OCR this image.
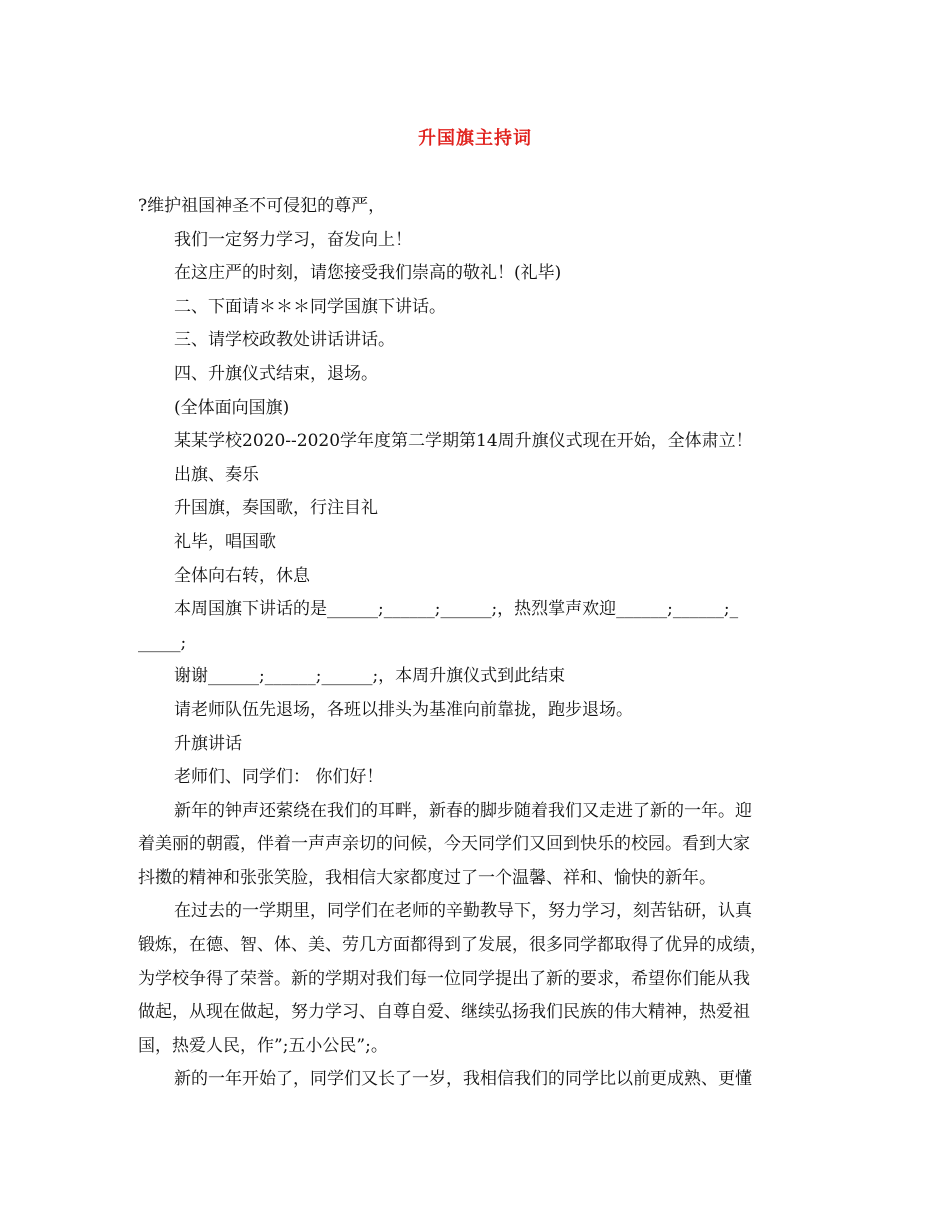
升国旗主持词
?维护祖国神圣不可侵犯的尊严，
我们一定努力学习，奋发向上！
在这庄严的时刻，请您接受我们崇高的敬礼！(礼毕)
二、下面请＊＊＊同学国旗下讲话。
三、请学校政教处讲话讲话。
四、升旗仪式结束，退场。
(全体面向国旗)
某某学校2020--2020学年度第二学期第14周升旗仪式现在开始，全体肃立！
出旗、奏乐
升国旗，奏国歌，行注目礼
礼毕，唱国歌
全体向右转，休息
本周国旗下讲话的是______;______;______;，热烈掌声欢迎______;______;_
_____;
谢谢______;______;______;，本周升旗仪式到此结束
请老师队伍先退场，各班以排头为基准向前靠拢，跑步退场。
升旗讲话
老师们、同学们： 你们好！
新年的钟声还萦绕在我们的耳畔，新春的脚步随着我们又走进了新的一年。迎
着美丽的朝霞，伴着一声声亲切的问候，今天同学们又回到快乐的校园。看到大家
抖擞的精神和张张笑脸，我相信大家都度过了一个温馨、祥和、愉快的新年。
在过去的一学期里，同学们在老师的辛勤教导下，努力学习，刻苦钻研，认真
锻炼，在德、智、体、美、劳几方面都得到了发展，很多同学都取得了优异的成绩，
为学校争得了荣誉。新的学期对我们每一位同学提出了新的要求，希望你们能从我
做起，从现在做起，努力学习、自尊自爱、继续弘扬我们民族的伟大精神，热爱祖
国，热爱人民，作”;五小公民”;。
新的一年开始了，同学们又长了一岁，我相信我们的同学比以前更成熟、更懂
